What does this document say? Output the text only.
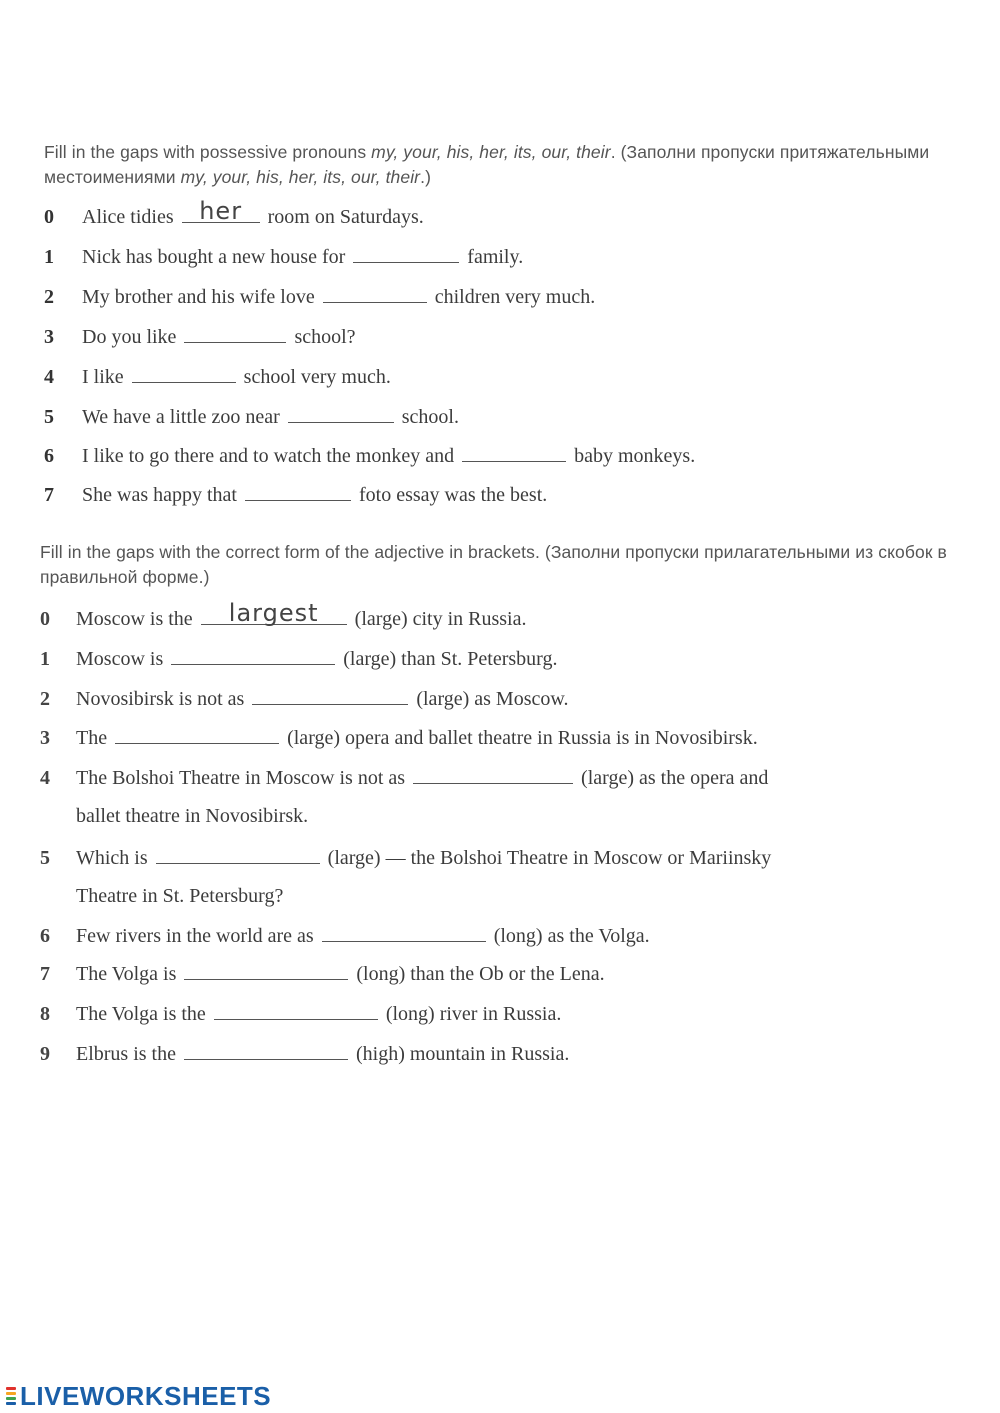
Fill in the gaps with possessive pronouns my, your, his, her, its, our, their. (Заполни пропуски притяжательными местоимениями my, your, his, her, its, our, their.)
0 Alice tidies	her	room on Saturdays.
1 Nick has bought a new house for	family.
2 My brother and his wife love	children very much.
3 Do you like	school?
4 I like	school very much.
5 We have a little zoo near	school.
6 I like to go there and to watch the monkey and	baby monkeys.
7 She was happy that	foto essay was the best.
Fill in the gaps with the correct form of the adjective in brackets. (Заполни пропуски прилагательными из скобок в правильной форме.)
0 Moscow is the	largest	(large) city in Russia.
1 Moscow is	(large) than St. Petersburg.
2 Novosibirsk is not as	(large) as Moscow.
3 The	(large) opera and ballet theatre in Russia is in Novosibirsk.
4 The Bolshoi Theatre in Moscow is not as	(large) as the opera and
ballet theatre in Novosibirsk.
5 Which is	(large) — the Bolshoi Theatre in Moscow or Mariinsky
Theatre in St. Petersburg?
6 Few rivers in the world are as	(long) as the Volga.
7 The Volga is	(long) than the Ob or the Lena.
8 The Volga is the	(long) river in Russia.
9 Elbrus is the	(high) mountain in Russia.
LIVEWORKSHEETS
